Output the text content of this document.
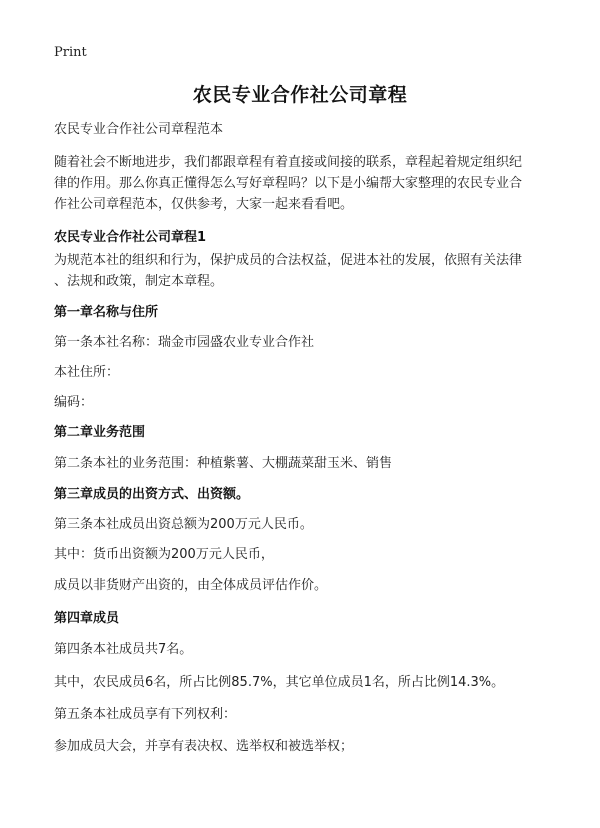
Print
农民专业合作社公司章程
农民专业合作社公司章程范本
随着社会不断地进步，我们都跟章程有着直接或间接的联系，章程起着规定组织纪
律的作用。那么你真正懂得怎么写好章程吗？以下是小编帮大家整理的农民专业合
作社公司章程范本，仅供参考，大家一起来看看吧。
农民专业合作社公司章程1
为规范本社的组织和行为，保护成员的合法权益，促进本社的发展，依照有关法律
、法规和政策，制定本章程。
第一章名称与住所
第一条本社名称：瑞金市园盛农业专业合作社
本社住所：
编码：
第二章业务范围
第二条本社的业务范围：种植紫薯、大棚蔬菜甜玉米、销售
第三章成员的出资方式、出资额。
第三条本社成员出资总额为200万元人民币。
其中：货币出资额为200万元人民币，
成员以非货财产出资的，由全体成员评估作价。
第四章成员
第四条本社成员共7名。
其中，农民成员6名，所占比例85.7%，其它单位成员1名，所占比例14.3%。
第五条本社成员享有下列权利：
参加成员大会，并享有表决权、选举权和被选举权；
